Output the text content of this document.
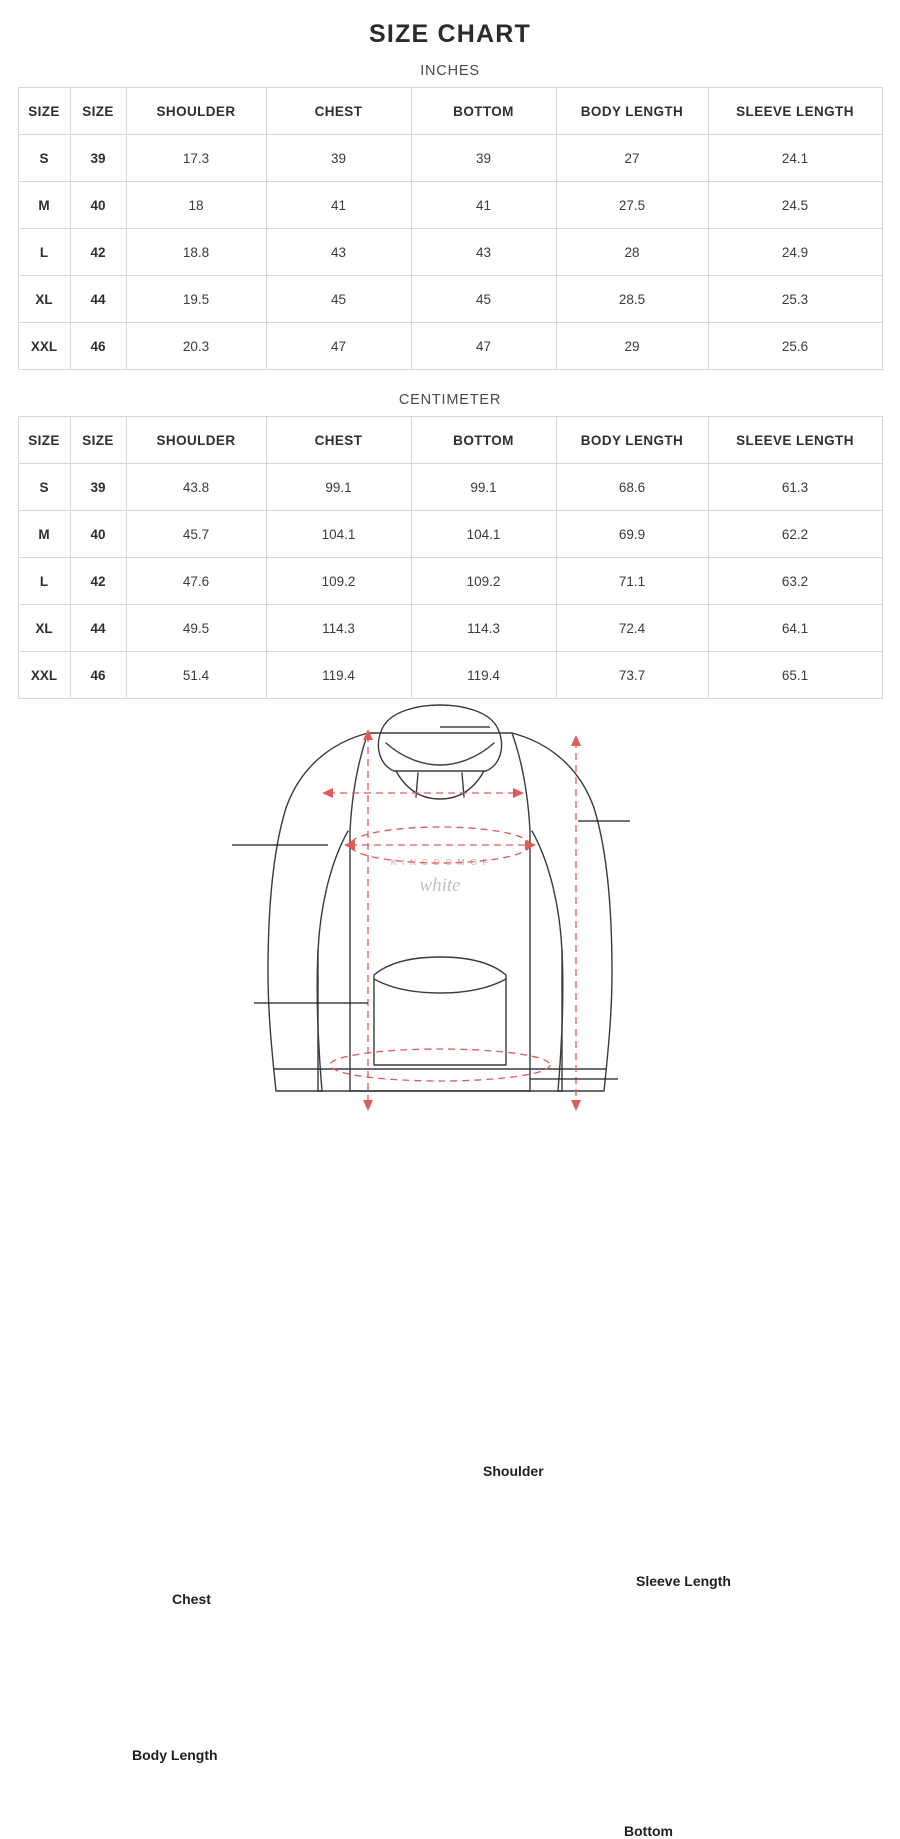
SIZE CHART
INCHES
SIZE	SIZE	SHOULDER	CHEST	BOTTOM	BODY LENGTH	SLEEVE LENGTH
S	39	17.3	39	39	27	24.1
M	40	18	41	41	27.5	24.5
L	42	18.8	43	43	28	24.9
XL	44	19.5	45	45	28.5	25.3
XXL	46	20.3	47	47	29	25.6
CENTIMETER
SIZE	SIZE	SHOULDER	CHEST	BOTTOM	BODY LENGTH	SLEEVE LENGTH
S	39	43.8	99.1	99.1	68.6	61.3
M	40	45.7	104.1	104.1	69.9	62.2
L	42	47.6	109.2	109.2	71.1	63.2
XL	44	49.5	114.3	114.3	72.4	64.1
XXL	46	51.4	119.4	119.4	73.7	65.1
K I N G D O M O F
white
Shoulder
Sleeve Length
Chest
Body Length
Bottom
